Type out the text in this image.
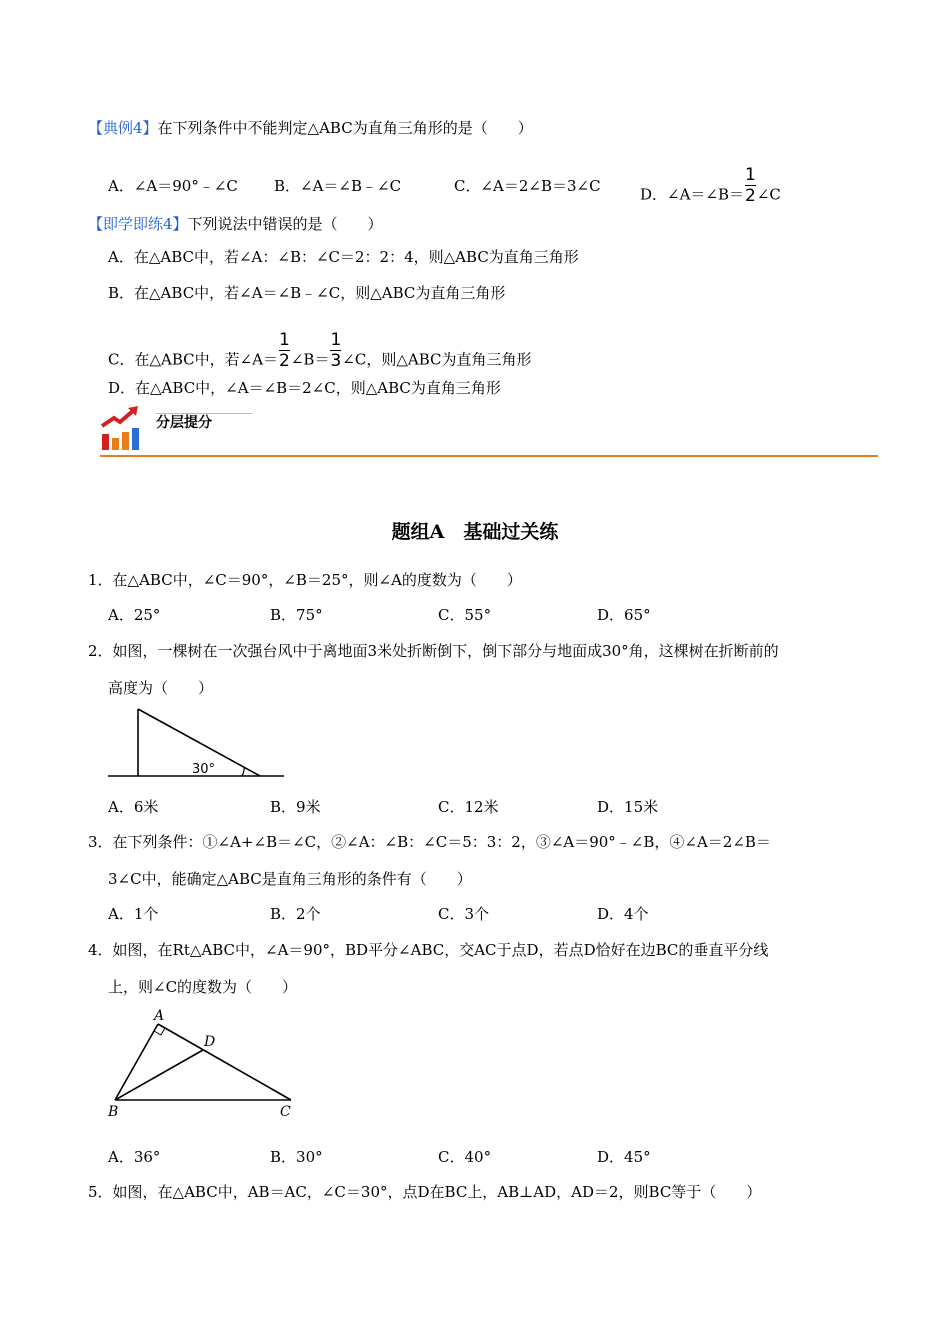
【典例4】在下列条件中不能判定△ABC为直角三角形的是（　　）
A．∠A＝90°﹣∠C B．∠A＝∠B﹣∠C	C．∠A＝2∠B＝3∠C	D．∠A＝∠B＝ $\frac{1}{2}$ ∠C
【即学即练4】下列说法中错误的是（　　）
A．在△ABC中，若∠A：∠B：∠C＝2：2：4，则△ABC为直角三角形
B．在△ABC中，若∠A＝∠B﹣∠C，则△ABC为直角三角形
C．在△ABC中，若∠A＝ $\frac{1}{2}$ ∠B＝ $\frac{1}{3}$ ∠C，则△ABC为直角三角形
D．在△ABC中，∠A＝∠B＝2∠C，则△ABC为直角三角形
分层提分
题组A　基础过关练
1．在△ABC中，∠C＝90°，∠B＝25°，则∠A的度数为（　　）
A．25°	B．75°	C．55°	D．65°
2．如图，一棵树在一次强台风中于离地面3米处折断倒下，倒下部分与地面成30°角，这棵树在折断前的
高度为（　　）
30°
A．6米	B．9米	C．12米	D．15米
3．在下列条件：①∠A+∠B＝∠C，②∠A：∠B：∠C＝5：3：2，③∠A＝90°﹣∠B，④∠A＝2∠B＝
3∠C中，能确定△ABC是直角三角形的条件有（　　）
A．1个	B．2个	C．3个	D．4个
4．如图，在Rt△ABC中，∠A＝90°，BD平分∠ABC，交AC于点D，若点D恰好在边BC的垂直平分线
上，则∠C的度数为（　　）
A
D
B	C
A．36°	B．30°	C．40°	D．45°
5．如图，在△ABC中，AB＝AC，∠C＝30°，点D在BC上，AB⊥AD，AD＝2，则BC等于（　　）
